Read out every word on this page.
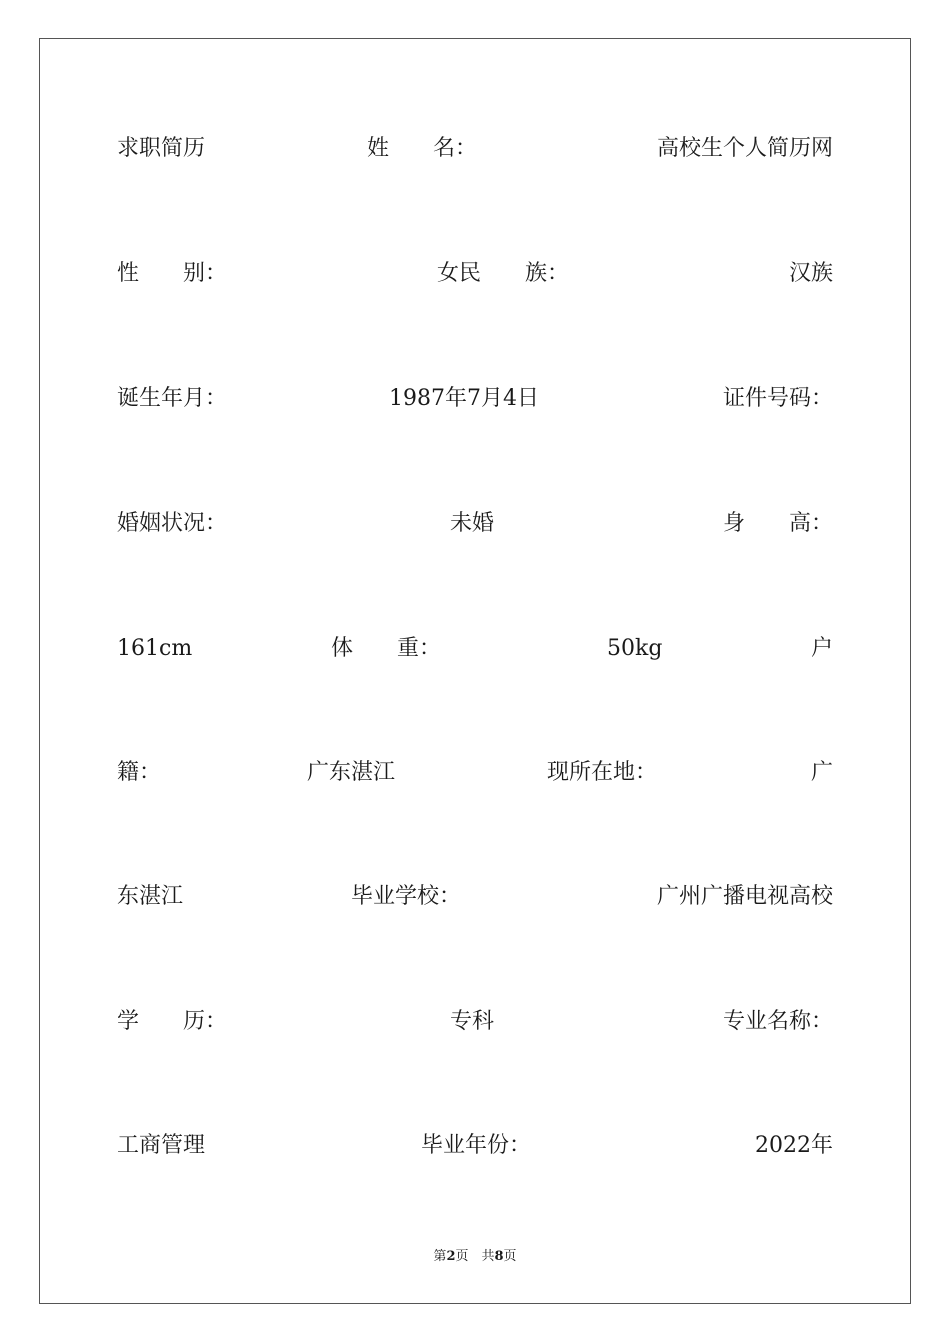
求职简历	姓　　名：	高校生个人简历网
性　　别：	女民　　族：	汉族
诞生年月：	1987年7月4日	证件号码：
婚姻状况：	未婚	身　　高：
161cm	体　　重：	50kg	户
籍：	广东湛江	现所在地：	广
东湛江	毕业学校：	广州广播电视高校
学　　历：	专科	专业名称：
工商管理	毕业年份：	2022年
第2页　共8页
